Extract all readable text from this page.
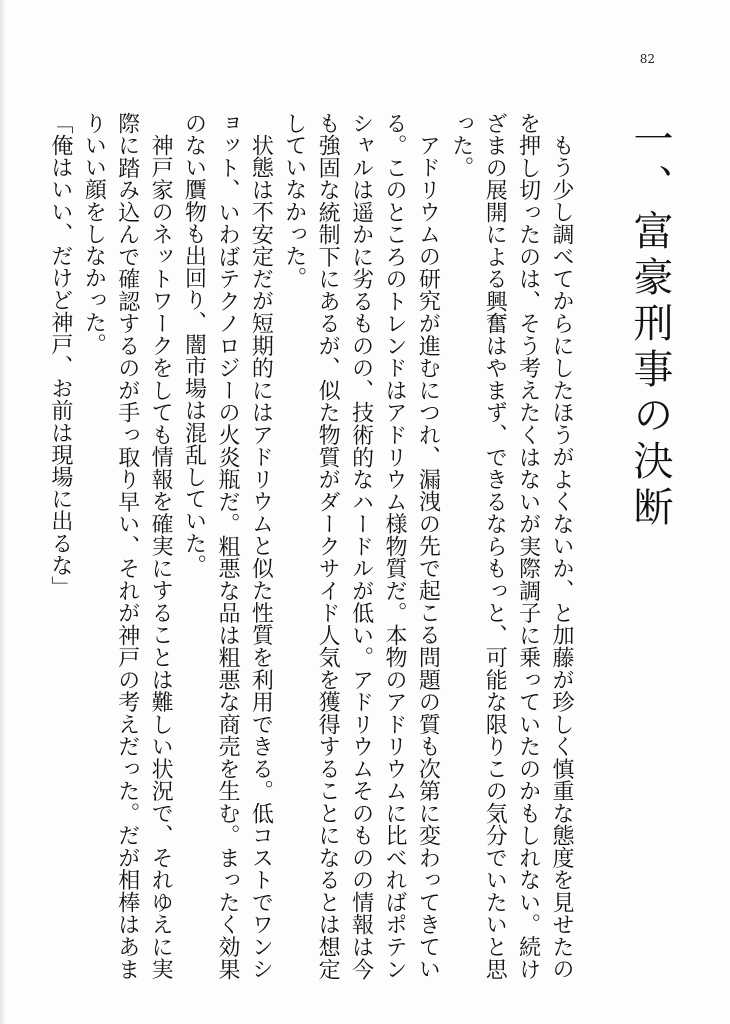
82
一、富豪刑事の決断

もう少し調べてからにしたほうがよくないか、と加藤が珍しく慎重な態度を見せたのを押し切ったのは、そう考えたくはないが実際調子に乗っていたのかもしれない。続けざまの展開による興奮はやまず、できるならもっと、可能な限りこの気分でいたいと思った。

アドリウムの研究が進むにつれ、漏洩の先で起こる問題の質も次第に変わってきている。このところのトレンドはアドリウム様物質だ。本物のアドリウムに比べればポテンシャルは遥かに劣るものの、技術的なハードルが低い。アドリウムそのものの情報は今も強固な統制下にあるが、似た物質がダークサイド人気を獲得することになるとは想定していなかった。

状態は不安定だが短期的にはアドリウムと似た性質を利用できる。低コストでワンショット、いわばテクノロジーの火炎瓶だ。粗悪な品は粗悪な商売を生む。まったく効果のない贋物も出回り、闇市場は混乱していた。

神戸家のネットワークをしても情報を確実にすることは難しい状況で、それゆえに実際に踏み込んで確認するのが手っ取り早い、それが神戸の考えだった。だが相棒はあまりいい顔をしなかった。

「俺はいい、だけど神戸、お前は現場に出るな」
